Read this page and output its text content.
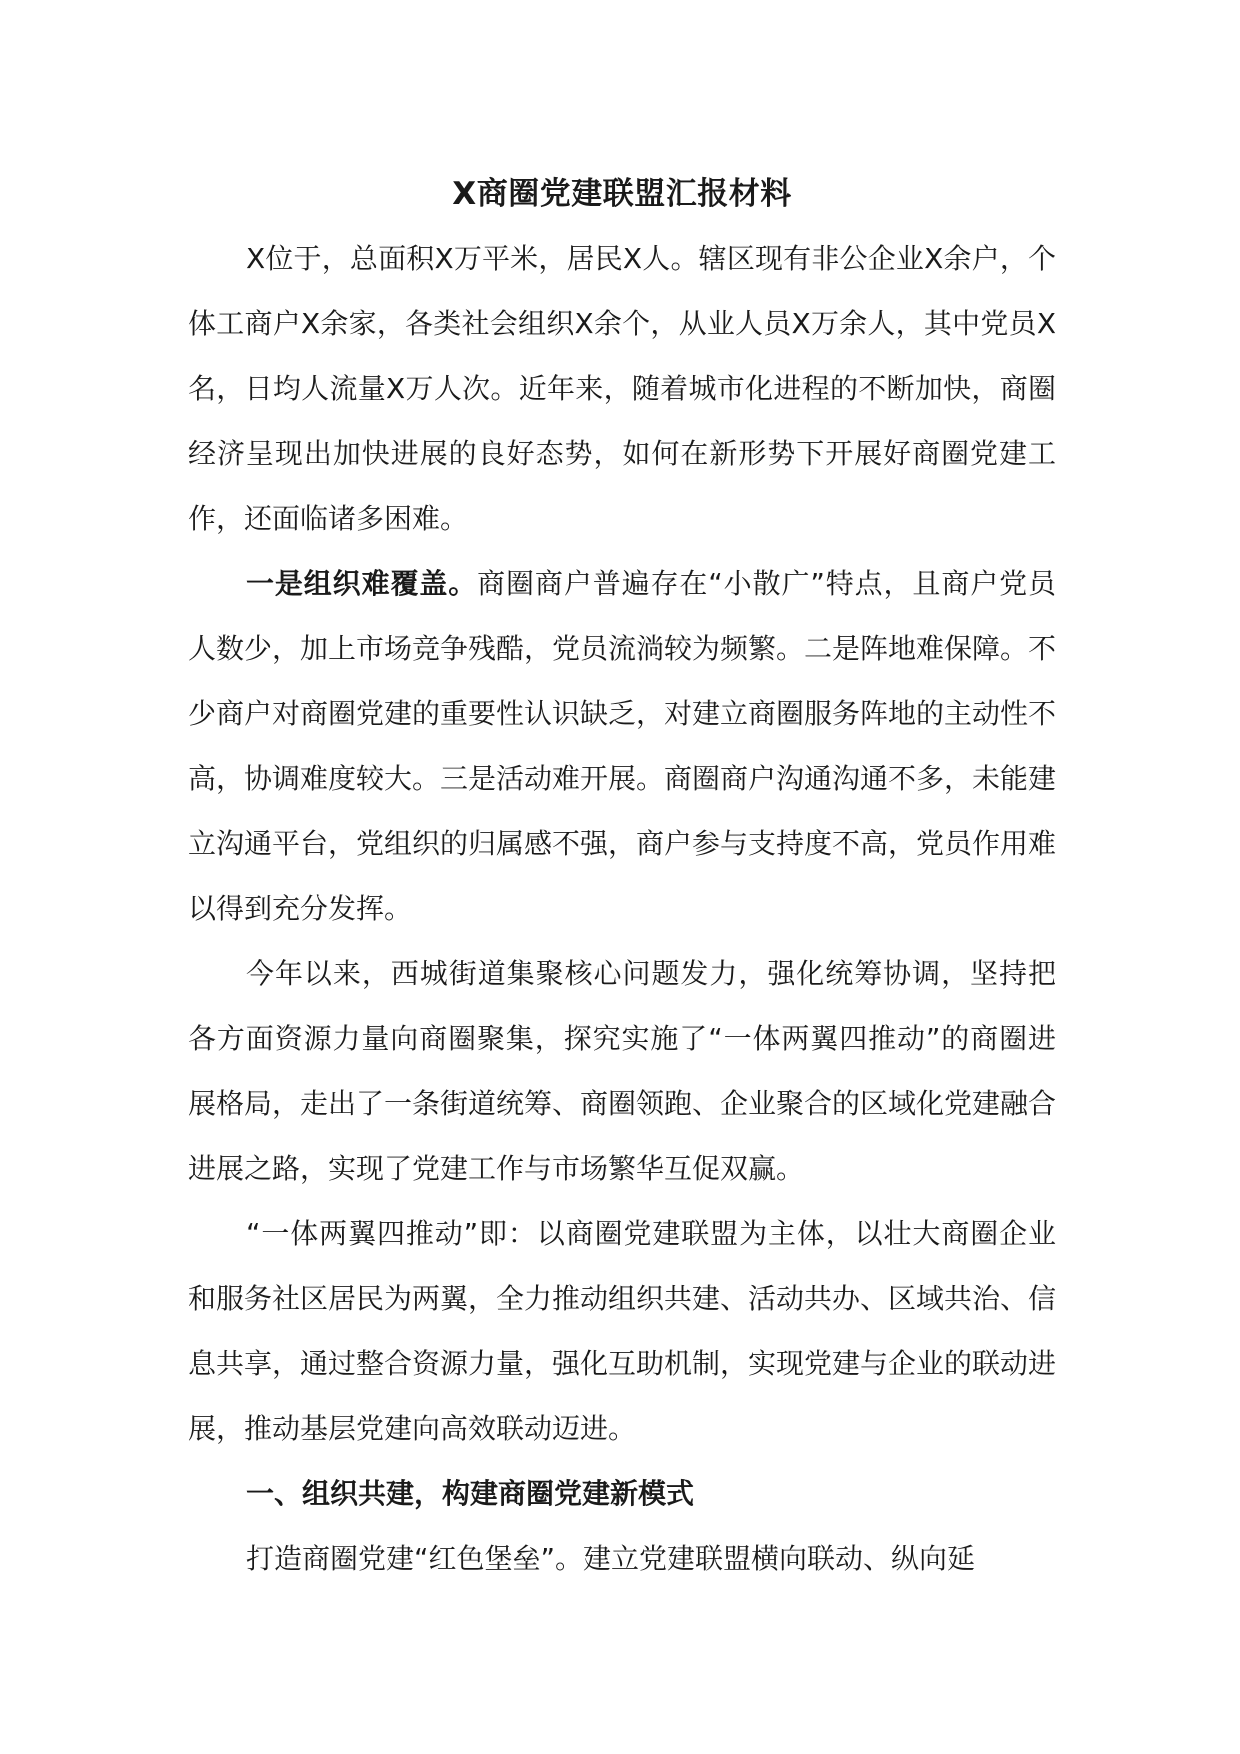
X商圈党建联盟汇报材料

X位于，总面积X万平米，居民X人。辖区现有非公企业X余户，个体工商户X余家，各类社会组织X余个，从业人员X万余人，其中党员X名，日均人流量X万人次。近年来，随着城市化进程的不断加快，商圈经济呈现出加快进展的良好态势，如何在新形势下开展好商圈党建工作，还面临诸多困难。

一是组织难覆盖。商圈商户普遍存在“小散广”特点，且商户党员人数少，加上市场竞争残酷，党员流淌较为频繁。二是阵地难保障。不少商户对商圈党建的重要性认识缺乏，对建立商圈服务阵地的主动性不高，协调难度较大。三是活动难开展。商圈商户沟通沟通不多，未能建立沟通平台，党组织的归属感不强，商户参与支持度不高，党员作用难以得到充分发挥。

今年以来，西城街道集聚核心问题发力，强化统筹协调，坚持把各方面资源力量向商圈聚集，探究实施了“一体两翼四推动”的商圈进展格局，走出了一条街道统筹、商圈领跑、企业聚合的区域化党建融合进展之路，实现了党建工作与市场繁华互促双赢。

“一体两翼四推动”即：以商圈党建联盟为主体，以壮大商圈企业和服务社区居民为两翼，全力推动组织共建、活动共办、区域共治、信息共享，通过整合资源力量，强化互助机制，实现党建与企业的联动进展，推动基层党建向高效联动迈进。

一、组织共建，构建商圈党建新模式

打造商圈党建“红色堡垒”。建立党建联盟横向联动、纵向延
